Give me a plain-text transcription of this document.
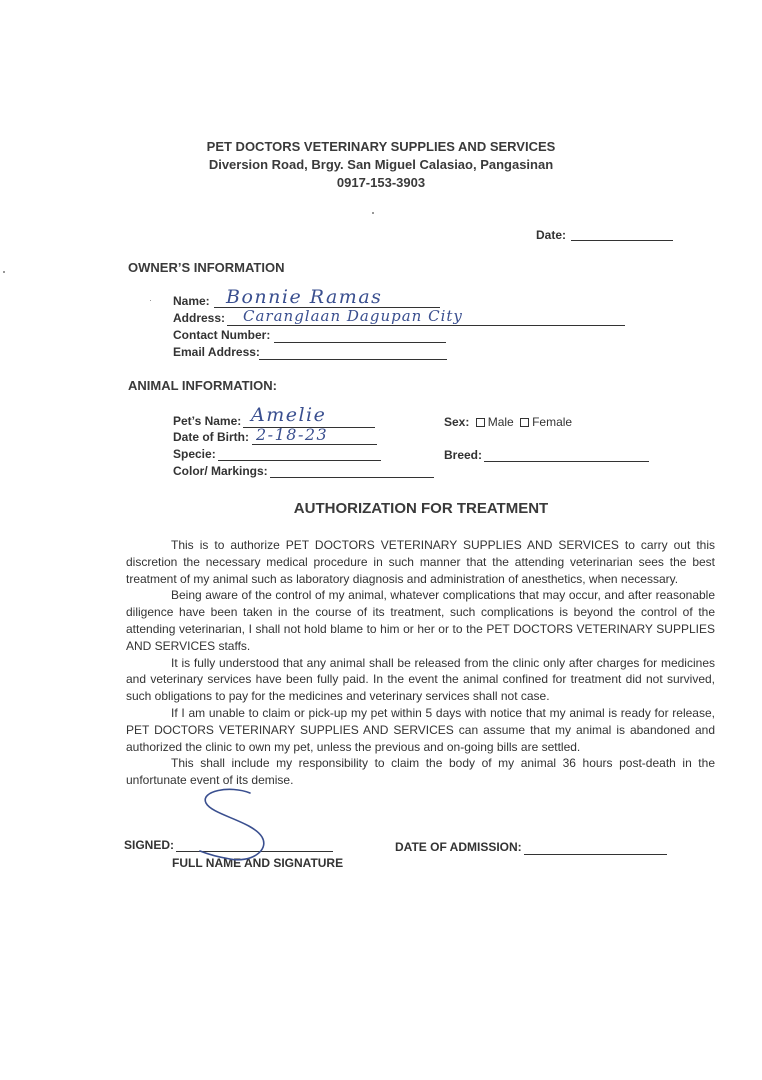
PET DOCTORS VETERINARY SUPPLIES AND SERVICES
Diversion Road, Brgy. San Miguel Calasiao, Pangasinan
0917-153-3903
Date:
OWNER’S INFORMATION
Name: Bonnie Ramas
Address: Caranglaan Dagupan City
Contact Number:
Email Address:
ANIMAL INFORMATION:
Pet’s Name: Amelie
Date of Birth: 2-18-23
Specie:
Color/ Markings:
Sex: Male Female
Breed:
AUTHORIZATION FOR TREATMENT

This is to authorize PET DOCTORS VETERINARY SUPPLIES AND SERVICES to carry out this discretion the necessary medical procedure in such manner that the attending veterinarian sees the best treatment of my animal such as laboratory diagnosis and administration of anesthetics, when necessary.

Being aware of the control of my animal, whatever complications that may occur, and after reasonable diligence have been taken in the course of its treatment, such complications is beyond the control of the attending veterinarian, I shall not hold blame to him or her or to the PET DOCTORS VETERINARY SUPPLIES AND SERVICES staffs.

It is fully understood that any animal shall be released from the clinic only after charges for medicines and veterinary services have been fully paid. In the event the animal confined for treatment did not survived, such obligations to pay for the medicines and veterinary services shall not case.

If I am unable to claim or pick-up my pet within 5 days with notice that my animal is ready for release, PET DOCTORS VETERINARY SUPPLIES AND SERVICES can assume that my animal is abandoned and authorized the clinic to own my pet, unless the previous and on-going bills are settled.

This shall include my responsibility to claim the body of my animal 36 hours post-death in the unfortunate event of its demise.

SIGNED:
FULL NAME AND SIGNATURE
DATE OF ADMISSION:
